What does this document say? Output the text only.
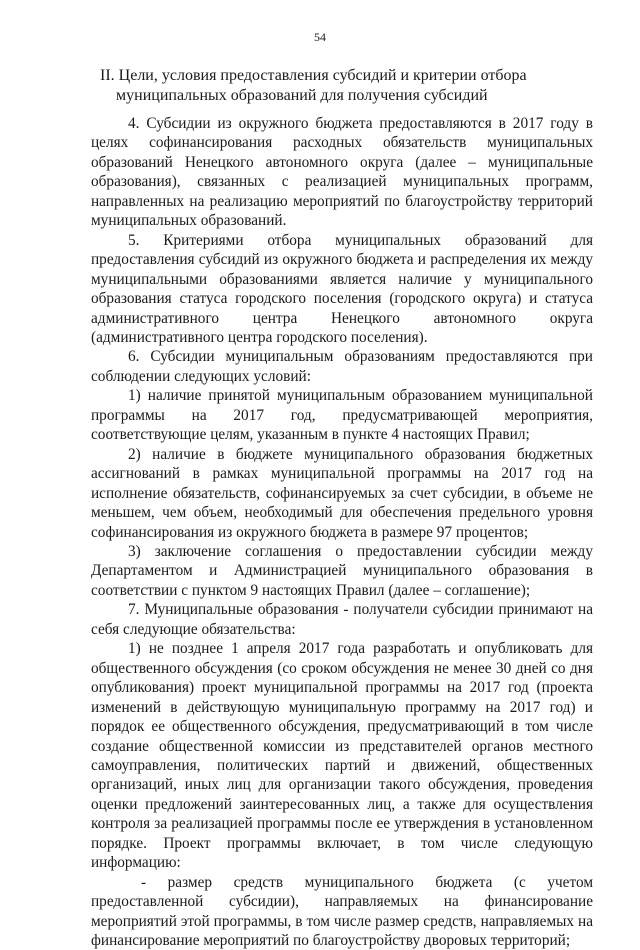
54
II. Цели, условия предоставления субсидий и критерии отбора
муниципальных образований для получения субсидий

4. Субсидии из окружного бюджета предоставляются в 2017 году в целях софинансирования расходных обязательств муниципальных образований Ненецкого автономного округа (далее – муниципальные образования), связанных с реализацией муниципальных программ, направленных на реализацию мероприятий по благоустройству территорий муниципальных образований.

5. Критериями отбора муниципальных образований для предоставления субсидий из окружного бюджета и распределения их между муниципальными образованиями является наличие у муниципального образования статуса городского поселения (городского округа) и статуса административного центра Ненецкого автономного округа (административного центра городского поселения).

6. Субсидии муниципальным образованиям предоставляются при соблюдении следующих условий:

1) наличие принятой муниципальным образованием муниципальной программы на 2017 год, предусматривающей мероприятия, соответствующие целям, указанным в пункте 4 настоящих Правил;

2) наличие в бюджете муниципального образования бюджетных ассигнований в рамках муниципальной программы на 2017 год на исполнение обязательств, софинансируемых за счет субсидии, в объеме не меньшем, чем объем, необходимый для обеспечения предельного уровня софинансирования из окружного бюджета в размере 97 процентов;

3) заключение соглашения о предоставлении субсидии между Департаментом и Администрацией муниципального образования в соответствии с пунктом 9 настоящих Правил (далее – соглашение);

7. Муниципальные образования - получатели субсидии принимают на себя следующие обязательства:

1) не позднее 1 апреля 2017 года разработать и опубликовать для общественного обсуждения (со сроком обсуждения не менее 30 дней со дня опубликования) проект муниципальной программы на 2017 год (проекта изменений в действующую муниципальную программу на 2017 год) и порядок ее общественного обсуждения, предусматривающий в том числе создание общественной комиссии из представителей органов местного самоуправления, политических партий и движений, общественных организаций, иных лиц для организации такого обсуждения, проведения оценки предложений заинтересованных лиц, а также для осуществления контроля за реализацией программы после ее утверждения в установленном порядке. Проект программы включает, в том числе следующую информацию:

- размер средств муниципального бюджета (с учетом предоставленной субсидии), направляемых на финансирование мероприятий этой программы, в том числе размер средств, направляемых на финансирование мероприятий по благоустройству дворовых территорий;
